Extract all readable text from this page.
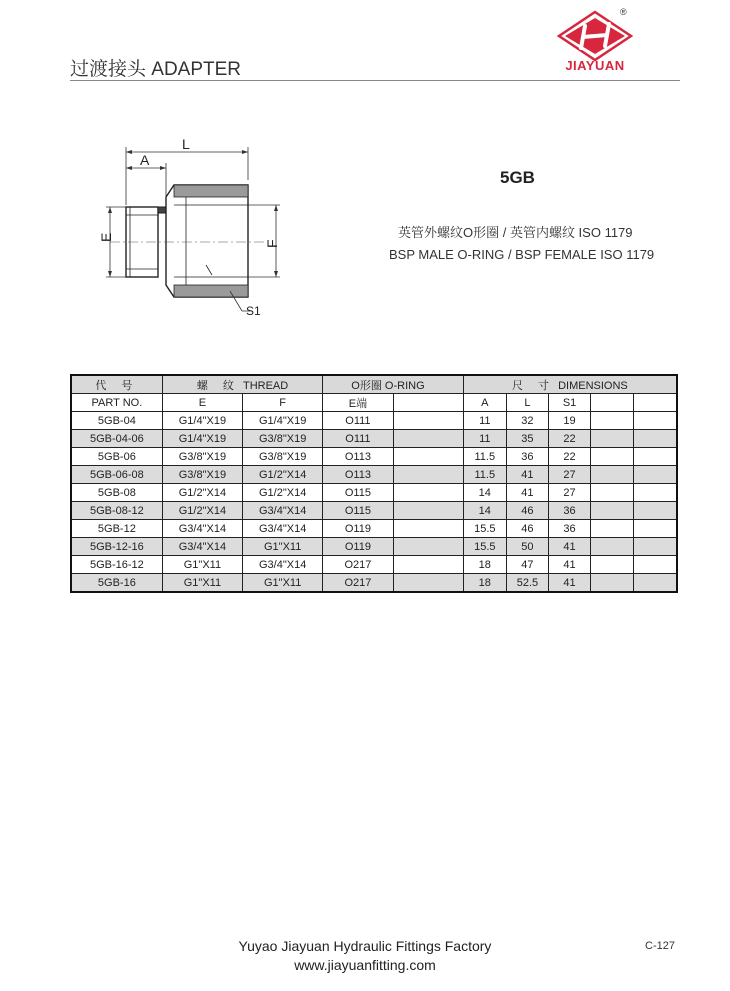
过渡接头 ADAPTER
®
JIAYUAN
L
A
E
F
S1
5GB
英管外螺纹O形圈 / 英管内螺纹 ISO 1179
BSP MALE O-RING / BSP FEMALE ISO 1179
代 号	螺 纹 THREAD		O形圈 O-RING		尺 寸 DIMENSIONS				
PART NO.	E	F	E端		A	L	S1		
5GB-04	G1/4"X19	G1/4"X19	O111		11	32	19		
5GB-04-06	G1/4"X19	G3/8"X19	O111		11	35	22		
5GB-06	G3/8"X19	G3/8"X19	O113		11.5	36	22		
5GB-06-08	G3/8"X19	G1/2"X14	O113		11.5	41	27		
5GB-08	G1/2"X14	G1/2"X14	O115		14	41	27		
5GB-08-12	G1/2"X14	G3/4"X14	O115		14	46	36		
5GB-12	G3/4"X14	G3/4"X14	O119		15.5	46	36		
5GB-12-16	G3/4"X14	G1"X11	O119		15.5	50	41		
5GB-16-12	G1"X11	G3/4"X14	O217		18	47	41		
5GB-16	G1"X11	G1"X11	O217		18	52.5	41		
Yuyao Jiayuan Hydraulic Fittings Factory
www.jiayuanfitting.com
C-127
